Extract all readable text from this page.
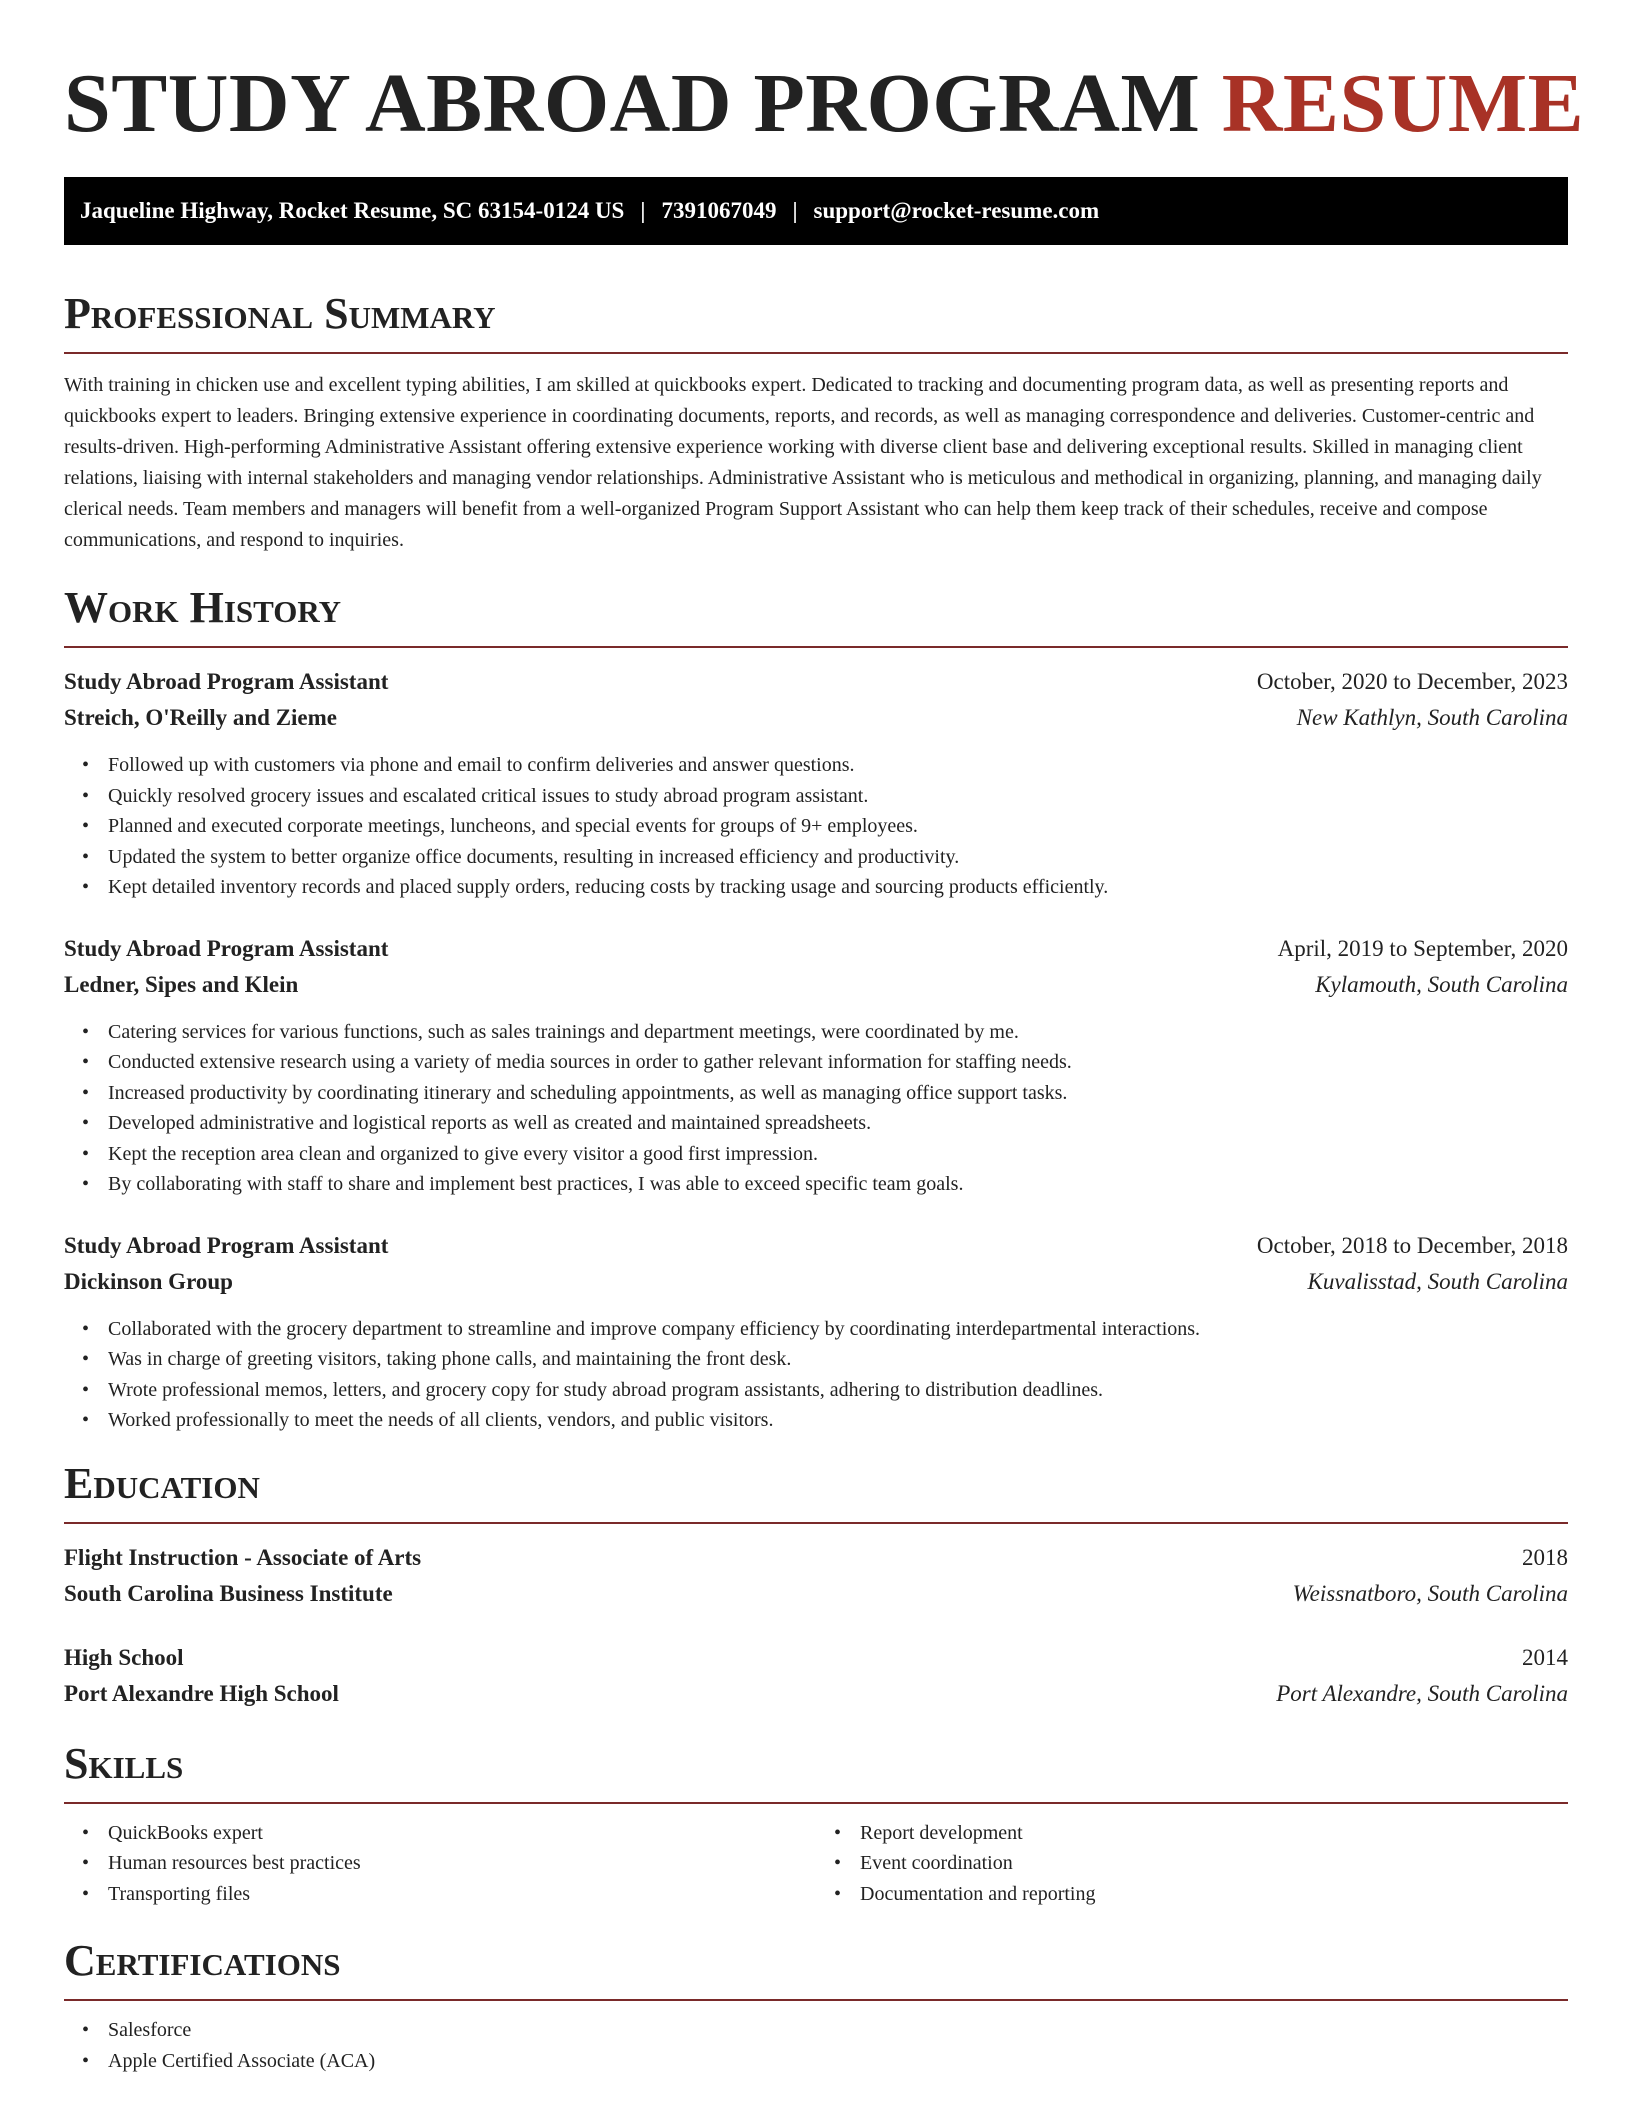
STUDY ABROAD PROGRAM RESUME
Jaqueline Highway, Rocket Resume, SC 63154-0124 US | 7391067049 | support@rocket-resume.com
Professional Summary

With training in chicken use and excellent typing abilities, I am skilled at quickbooks expert. Dedicated to tracking and documenting program data, as well as presenting reports and quickbooks expert to leaders. Bringing extensive experience in coordinating documents, reports, and records, as well as managing correspondence and deliveries. Customer-centric and results-driven. High-performing Administrative Assistant offering extensive experience working with diverse client base and delivering exceptional results. Skilled in managing client relations, liaising with internal stakeholders and managing vendor relationships. Administrative Assistant who is meticulous and methodical in organizing, planning, and managing daily clerical needs. Team members and managers will benefit from a well-organized Program Support Assistant who can help them keep track of their schedules, receive and compose communications, and respond to inquiries.

Work History
Study Abroad Program Assistant	October, 2020 to December, 2023
Streich, O'Reilly and Zieme	New Kathlyn, South Carolina
• Followed up with customers via phone and email to confirm deliveries and answer questions.
• Quickly resolved grocery issues and escalated critical issues to study abroad program assistant.
• Planned and executed corporate meetings, luncheons, and special events for groups of 9+ employees.
• Updated the system to better organize office documents, resulting in increased efficiency and productivity.
• Kept detailed inventory records and placed supply orders, reducing costs by tracking usage and sourcing products efficiently.
Study Abroad Program Assistant	April, 2019 to September, 2020
Ledner, Sipes and Klein	Kylamouth, South Carolina
• Catering services for various functions, such as sales trainings and department meetings, were coordinated by me.
• Conducted extensive research using a variety of media sources in order to gather relevant information for staffing needs.
• Increased productivity by coordinating itinerary and scheduling appointments, as well as managing office support tasks.
• Developed administrative and logistical reports as well as created and maintained spreadsheets.
• Kept the reception area clean and organized to give every visitor a good first impression.
• By collaborating with staff to share and implement best practices, I was able to exceed specific team goals.
Study Abroad Program Assistant	October, 2018 to December, 2018
Dickinson Group	Kuvalisstad, South Carolina
• Collaborated with the grocery department to streamline and improve company efficiency by coordinating interdepartmental interactions.
• Was in charge of greeting visitors, taking phone calls, and maintaining the front desk.
• Wrote professional memos, letters, and grocery copy for study abroad program assistants, adhering to distribution deadlines.
• Worked professionally to meet the needs of all clients, vendors, and public visitors.
Education
Flight Instruction - Associate of Arts	2018
South Carolina Business Institute	Weissnatboro, South Carolina
High School	2014
Port Alexandre High School	Port Alexandre, South Carolina
Skills
• QuickBooks expert
• Human resources best practices
• Transporting files
• Report development
• Event coordination
• Documentation and reporting
Certifications
• Salesforce
• Apple Certified Associate (ACA)
